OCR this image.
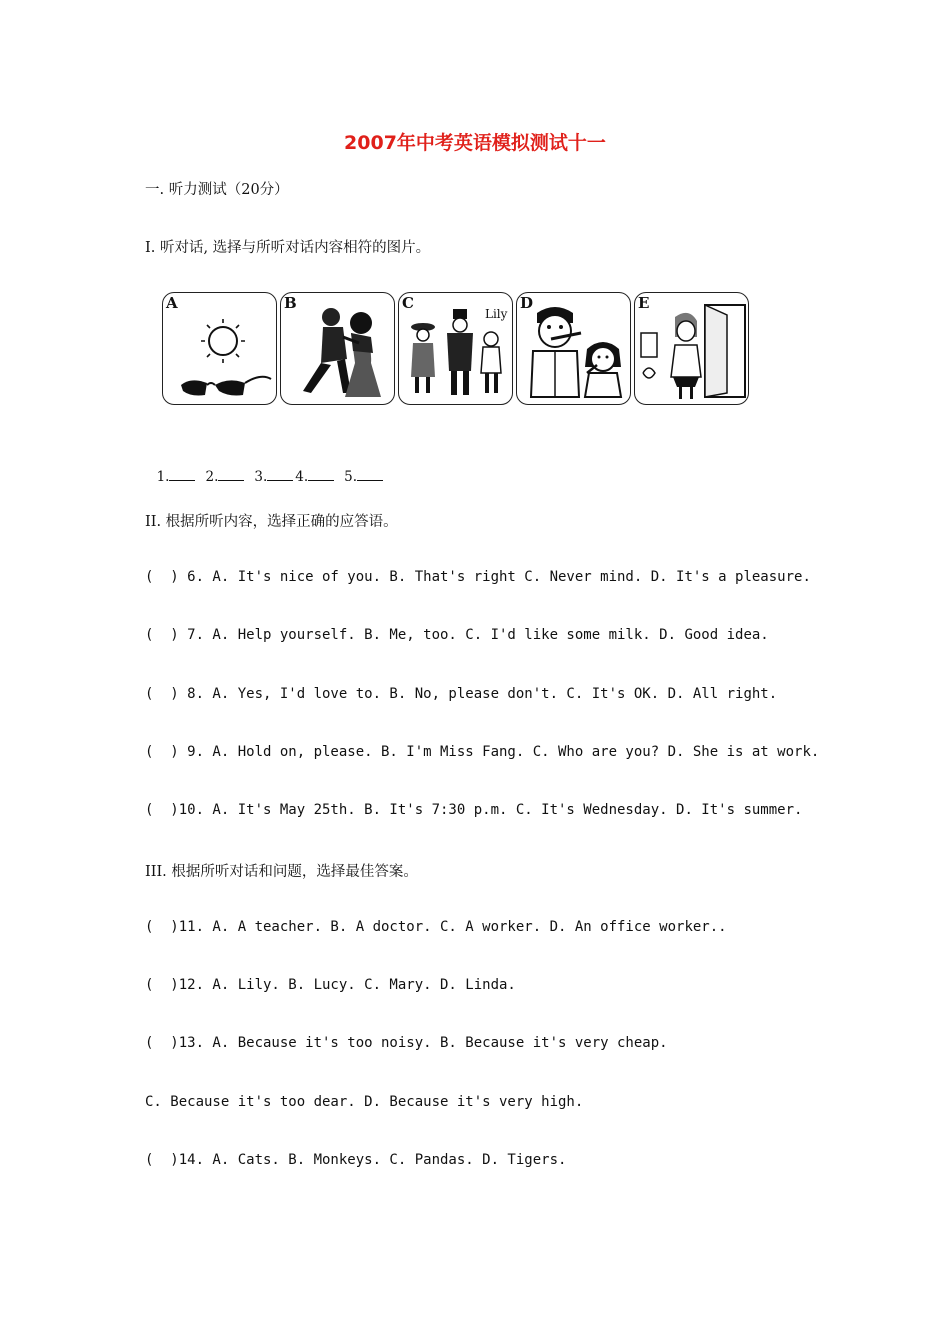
2007年中考英语模拟测试十一
一. 听力测试（20分）
Ⅰ. 听对话, 选择与所听对话内容相符的图片。
A	B	C
Lily
D	E

1.	2.	3. 4.	5.

II. 根据所听内容，选择正确的应答语。
(  ) 6. A. It's nice of you. B. That's right C. Never mind. D. It's a pleasure.
(  ) 7. A. Help yourself. B. Me, too. C. I'd like some milk. D. Good idea.
(  ) 8. A. Yes, I'd love to. B. No, please don't. C. It's OK. D. All right.
(  ) 9. A. Hold on, please. B. I'm Miss Fang. C. Who are you? D. She is at work.
(  )10. A. It's May 25th. B. It's 7:30 p.m. C. It's Wednesday. D. It's summer.
III. 根据所听对话和问题，选择最佳答案。
(  )11. A. A teacher. B. A doctor. C. A worker. D. An office worker..
(  )12. A. Lily. B. Lucy. C. Mary. D. Linda.
(  )13. A. Because it's too noisy. B. Because it's very cheap.
C. Because it's too dear. D. Because it's very high.
(  )14. A. Cats. B. Monkeys. C. Pandas. D. Tigers.
